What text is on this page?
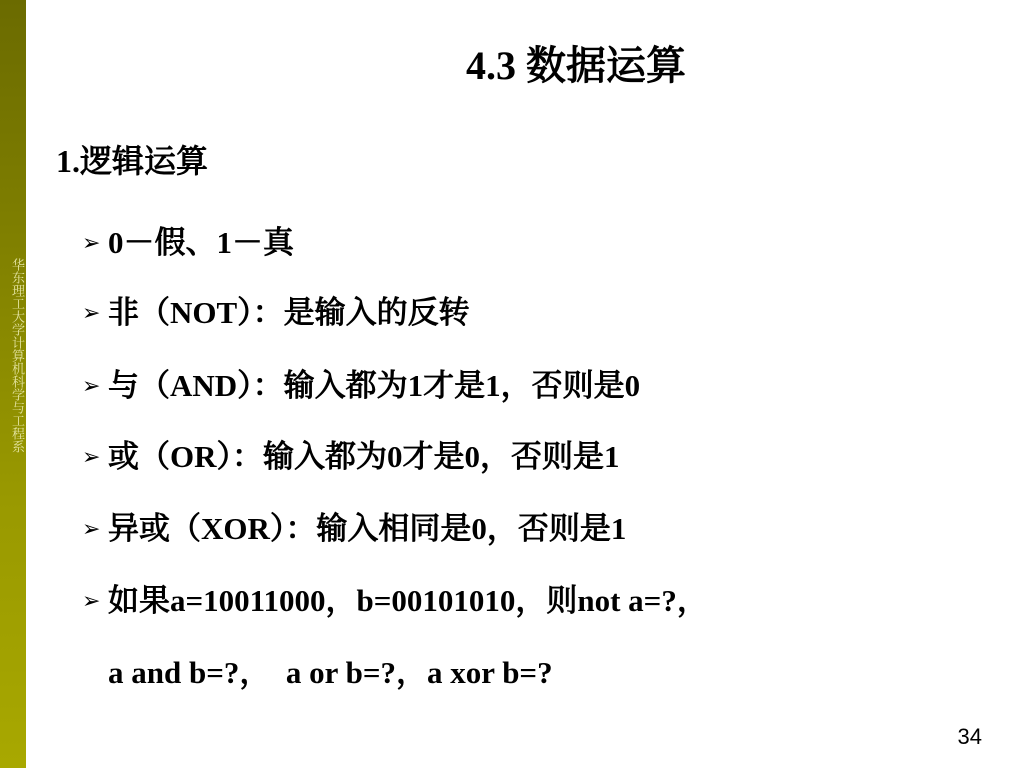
华东理工大学计算机科学与工程系
4.3 数据运算
1.逻辑运算
➢ 0－假、1－真
➢ 非（NOT）：是输入的反转
➢ 与（AND）：输入都为1才是1，否则是0
➢ 或（OR）：输入都为0才是0，否则是1
➢ 异或（XOR）：输入相同是0，否则是1
➢ 如果a=10011000，b=00101010，则not a=?，
a and b=?，  a or b=?，a xor b=?
34
